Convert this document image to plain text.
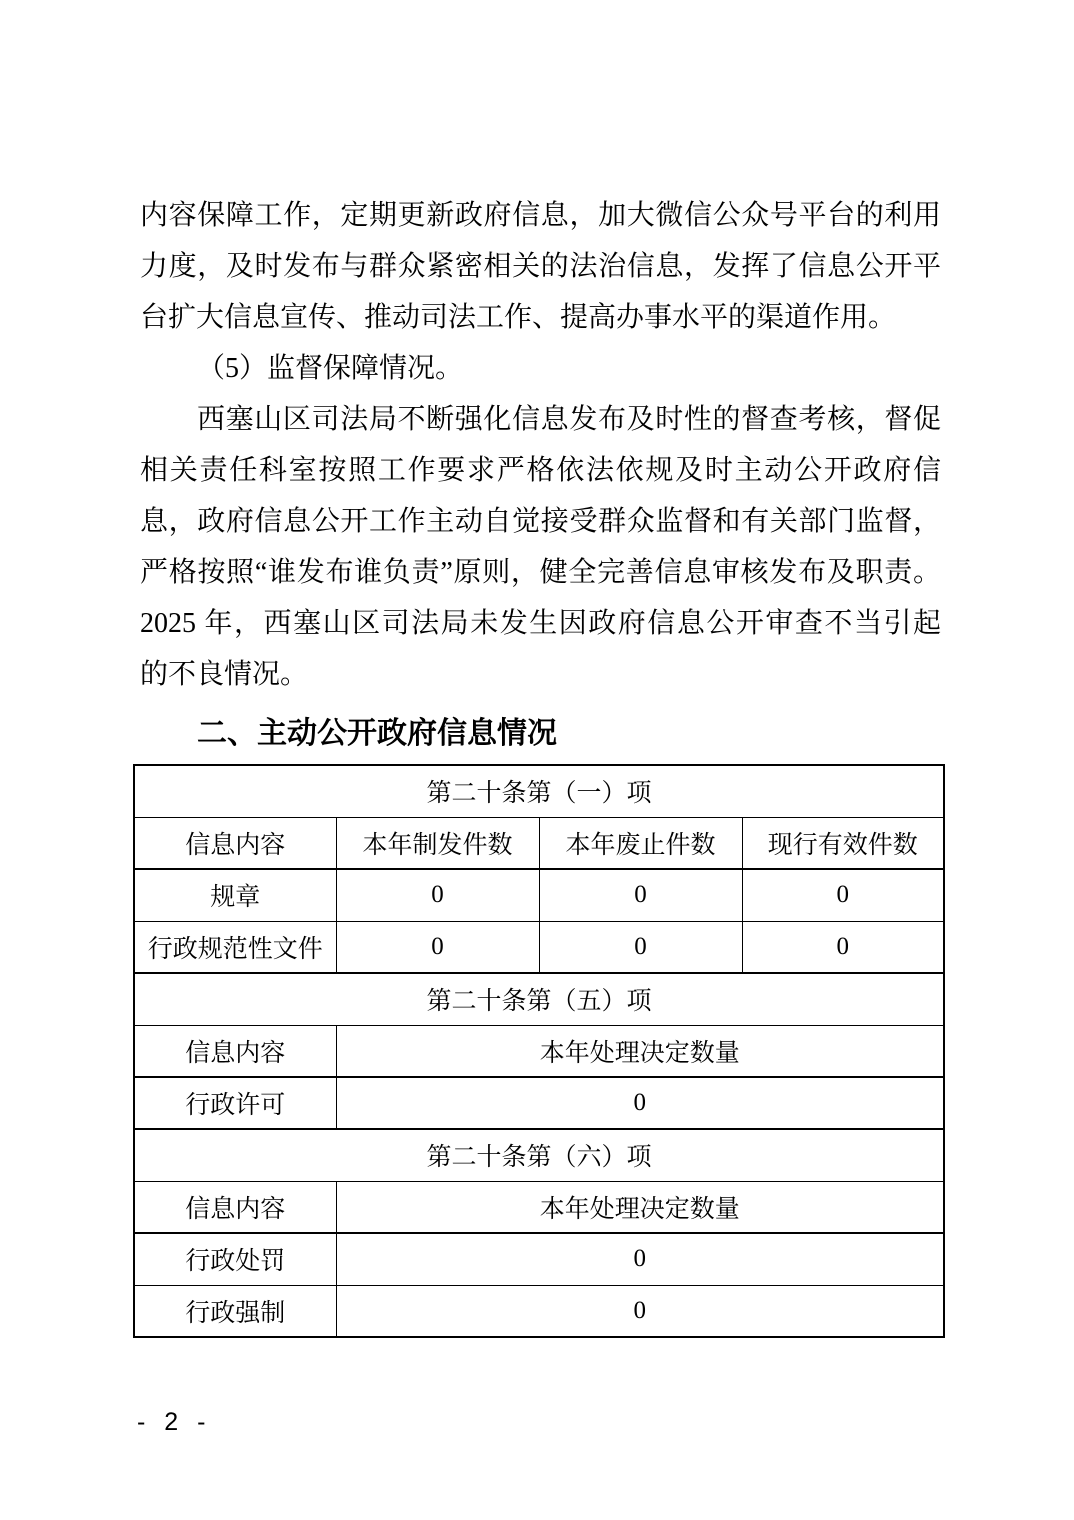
内容保障工作，定期更新政府信息，加大微信公众号平台的利用
力度，及时发布与群众紧密相关的法治信息，发挥了信息公开平
台扩大信息宣传、推动司法工作、提高办事水平的渠道作用。
（5）监督保障情况。
西塞山区司法局不断强化信息发布及时性的督查考核，督促
相关责任科室按照工作要求严格依法依规及时主动公开政府信
息，政府信息公开工作主动自觉接受群众监督和有关部门监督，
严格按照“谁发布谁负责”原则，健全完善信息审核发布及职责。
2025 年，西塞山区司法局未发生因政府信息公开审查不当引起
的不良情况。
二、主动公开政府信息情况
第二十条第（一）项			
信息内容	本年制发件数	本年废止件数	现行有效件数
规章	0	0	0
行政规范性文件	0	0	0
第二十条第（五）项			
信息内容	本年处理决定数量		
行政许可	0		
第二十条第（六）项			
信息内容	本年处理决定数量		
行政处罚	0		
行政强制	0		
- 2 -
